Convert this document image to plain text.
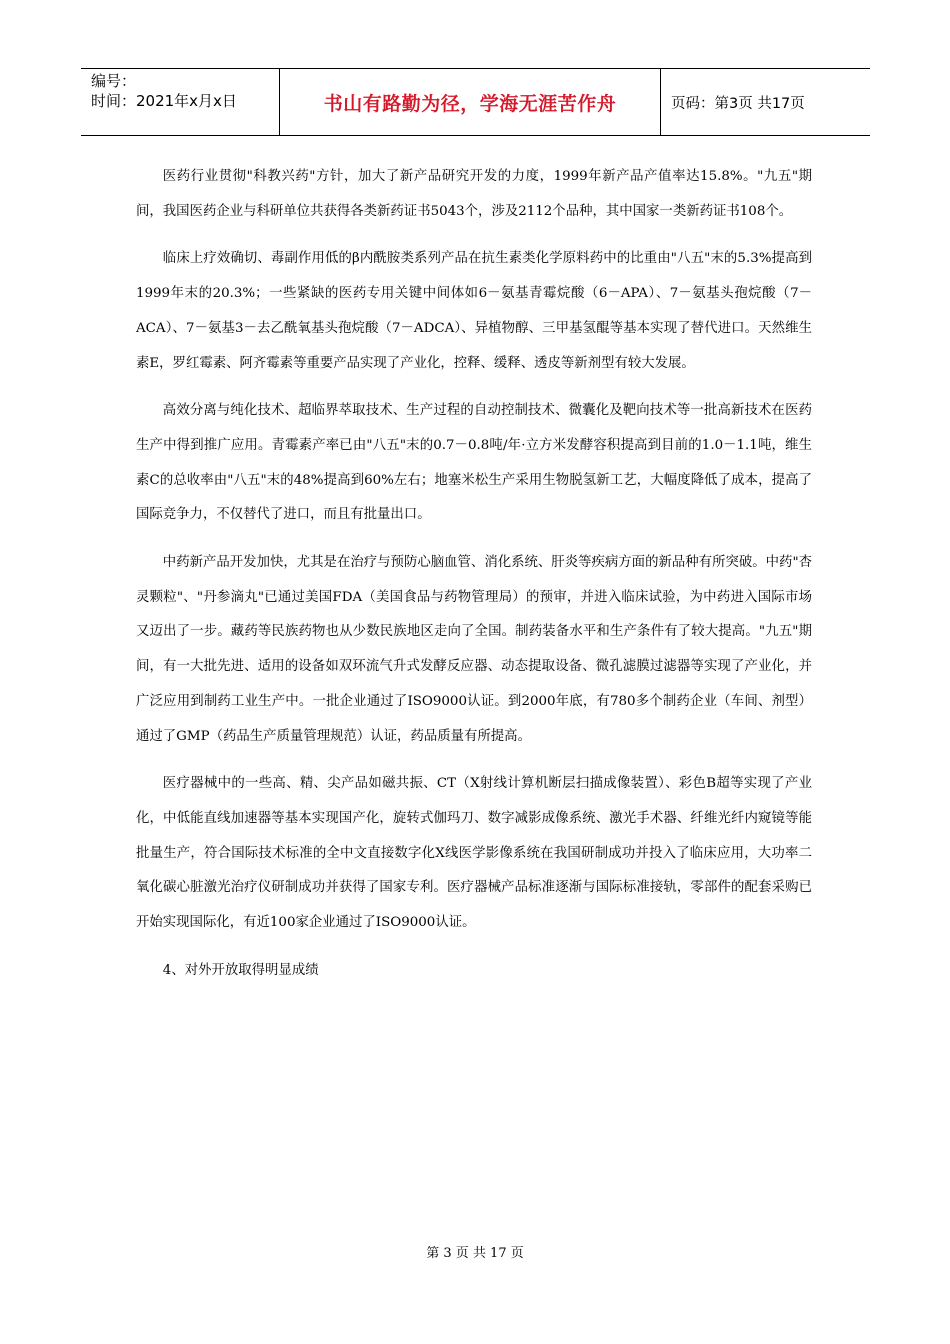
编号：
时间：2021年x月x日	书山有路勤为径，学海无涯苦作舟	页码：第3页 共17页

医药行业贯彻"科教兴药"方针，加大了新产品研究开发的力度，1999年新产品产值率达15.8%。"九五"期间，我国医药企业与科研单位共获得各类新药证书5043个，涉及2112个品种，其中国家一类新药证书108个。

临床上疗效确切、毒副作用低的β内酰胺类系列产品在抗生素类化学原料药中的比重由"八五"末的5.3%提高到1999年末的20.3%；一些紧缺的医药专用关键中间体如6－氨基青霉烷酸（6－APA）、7－氨基头孢烷酸（7－ACA）、7－氨基3－去乙酰氧基头孢烷酸（7－ADCA）、异植物醇、三甲基氢醌等基本实现了替代进口。天然维生素E，罗红霉素、阿齐霉素等重要产品实现了产业化，控释、缓释、透皮等新剂型有较大发展。

高效分离与纯化技术、超临界萃取技术、生产过程的自动控制技术、微囊化及靶向技术等一批高新技术在医药生产中得到推广应用。青霉素产率已由"八五"末的0.7－0.8吨/年·立方米发酵容积提高到目前的1.0－1.1吨，维生素C的总收率由"八五"末的48%提高到60%左右；地塞米松生产采用生物脱氢新工艺，大幅度降低了成本，提高了国际竞争力，不仅替代了进口，而且有批量出口。

中药新产品开发加快，尤其是在治疗与预防心脑血管、消化系统、肝炎等疾病方面的新品种有所突破。中药"杏灵颗粒"、"丹参滴丸"已通过美国FDA（美国食品与药物管理局）的预审，并进入临床试验，为中药进入国际市场又迈出了一步。藏药等民族药物也从少数民族地区走向了全国。制药装备水平和生产条件有了较大提高。"九五"期间，有一大批先进、适用的设备如双环流气升式发酵反应器、动态提取设备、微孔滤膜过滤器等实现了产业化，并广泛应用到制药工业生产中。一批企业通过了ISO9000认证。到2000年底，有780多个制药企业（车间、剂型）通过了GMP（药品生产质量管理规范）认证，药品质量有所提高。

医疗器械中的一些高、精、尖产品如磁共振、CT（X射线计算机断层扫描成像装置）、彩色B超等实现了产业化，中低能直线加速器等基本实现国产化，旋转式伽玛刀、数字减影成像系统、激光手术器、纤维光纤内窥镜等能批量生产，符合国际技术标准的全中文直接数字化X线医学影像系统在我国研制成功并投入了临床应用，大功率二氧化碳心脏激光治疗仪研制成功并获得了国家专利。医疗器械产品标准逐渐与国际标准接轨，零部件的配套采购已开始实现国际化，有近100家企业通过了ISO9000认证。

4、对外开放取得明显成绩

第 3 页 共 17 页
